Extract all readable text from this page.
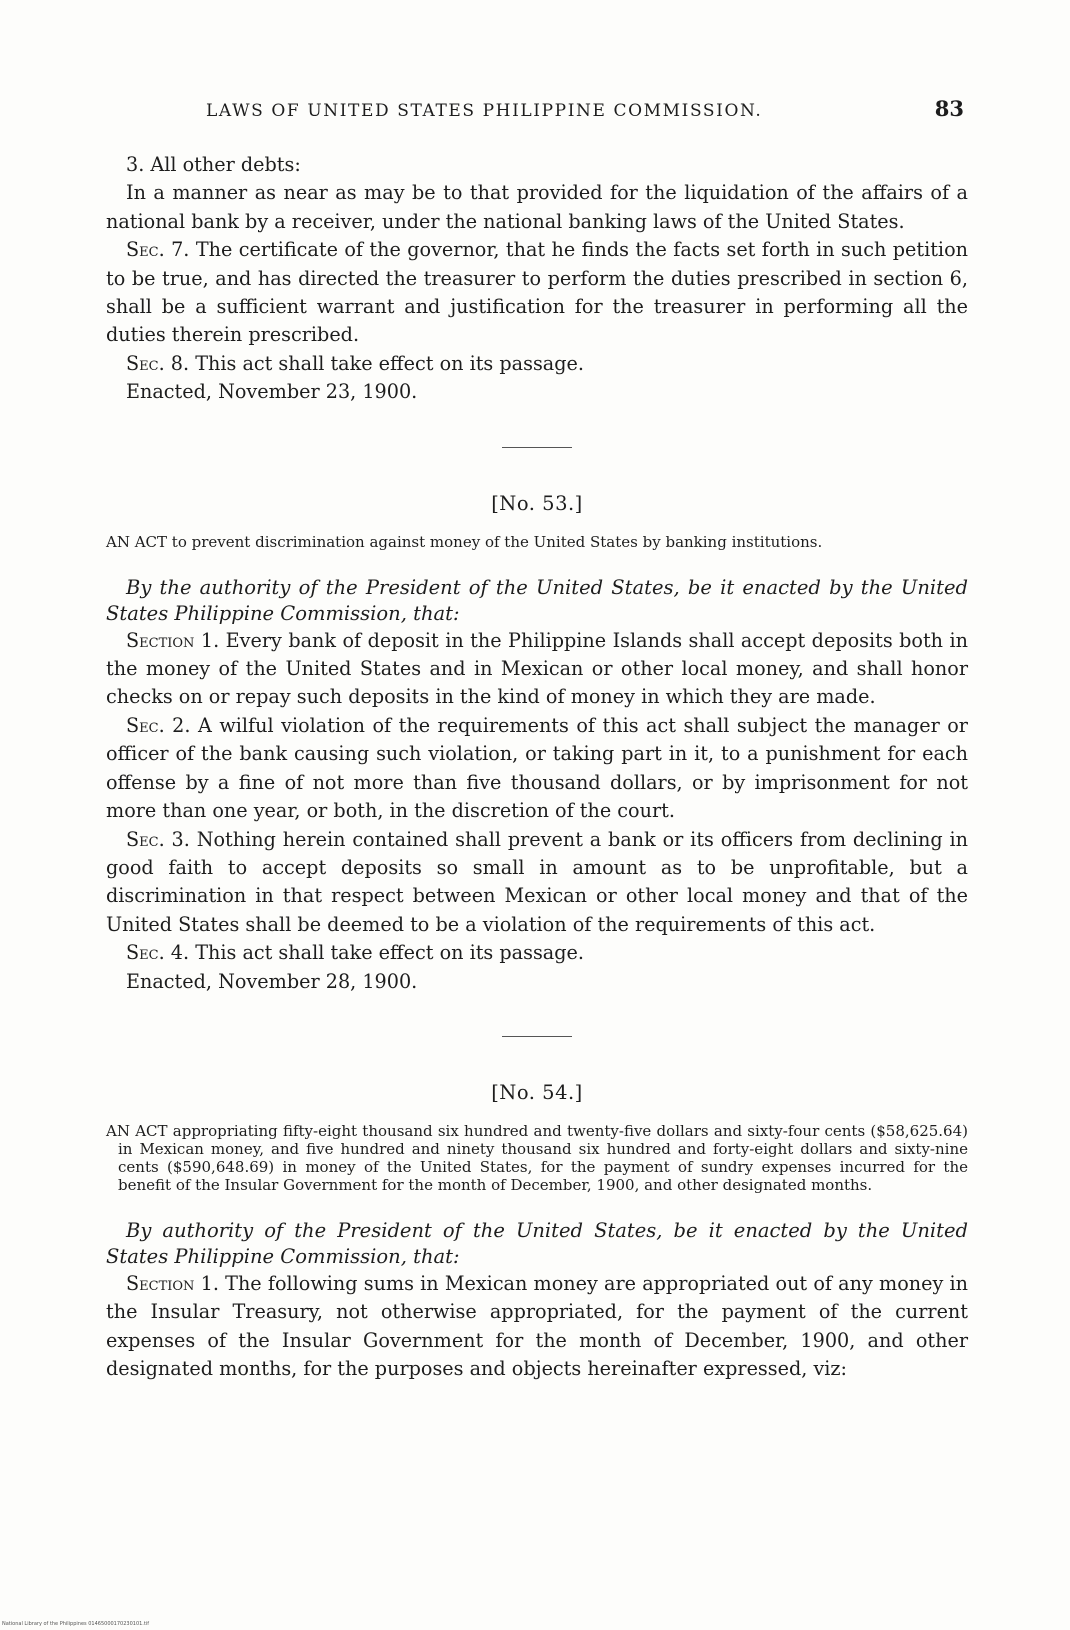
LAWS OF UNITED STATES PHILIPPINE COMMISSION.	83

3. All other debts:

In a manner as near as may be to that provided for the liquidation of the affairs of a national bank by a receiver, under the national banking laws of the United States.

Sec. 7. The certificate of the governor, that he finds the facts set forth in such petition to be true, and has directed the treasurer to perform the duties prescribed in section 6, shall be a sufficient warrant and justification for the treasurer in performing all the duties therein prescribed.

Sec. 8. This act shall take effect on its passage.

Enacted, November 23, 1900.

[No. 53.]
AN ACT to prevent discrimination against money of the United States by banking institutions.

By the authority of the President of the United States, be it enacted by the United States Philippine Commission, that:

Section 1. Every bank of deposit in the Philippine Islands shall accept deposits both in the money of the United States and in Mexican or other local money, and shall honor checks on or repay such deposits in the kind of money in which they are made.

Sec. 2. A wilful violation of the requirements of this act shall subject the manager or officer of the bank causing such violation, or taking part in it, to a punishment for each offense by a fine of not more than five thousand dollars, or by imprisonment for not more than one year, or both, in the discretion of the court.

Sec. 3. Nothing herein contained shall prevent a bank or its officers from declining in good faith to accept deposits so small in amount as to be unprofitable, but a discrimination in that respect between Mexican or other local money and that of the United States shall be deemed to be a violation of the requirements of this act.

Sec. 4. This act shall take effect on its passage.

Enacted, November 28, 1900.

[No. 54.]
AN ACT appropriating fifty-eight thousand six hundred and twenty-five dollars and sixty-four cents ($58,625.64) in Mexican money, and five hundred and ninety thousand six hundred and forty-eight dollars and sixty-nine cents ($590,648.69) in money of the United States, for the payment of sundry expenses incurred for the benefit of the Insular Government for the month of December, 1900, and other designated months.

By authority of the President of the United States, be it enacted by the United States Philippine Commission, that:

Section 1. The following sums in Mexican money are appropriated out of any money in the Insular Treasury, not otherwise appropriated, for the payment of the current expenses of the Insular Government for the month of December, 1900, and other designated months, for the purposes and objects hereinafter expressed, viz:

National Library of the Philippines 01465000170230101.tif
